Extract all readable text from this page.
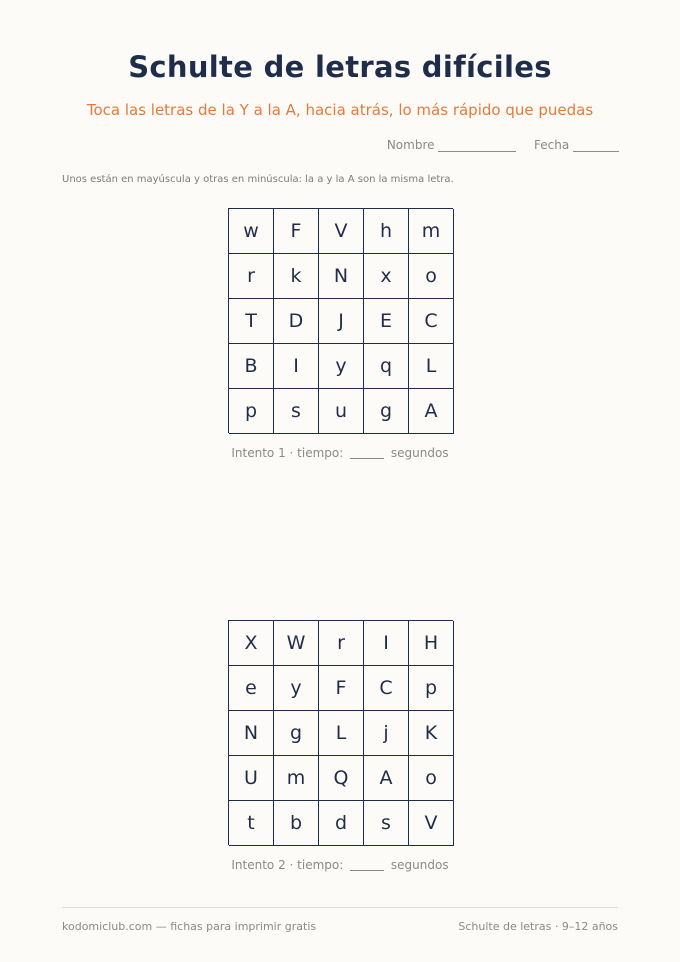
Schulte de letras difíciles
Toca las letras de la Y a la A, hacia atrás, lo más rápido que puedas
Nombre	Fecha
Unos están en mayúscula y otras en minúscula: la a y la A son la misma letra.
w	F	V	h	m
r	k	N	x	o
T	D	J	E	C
B	I	y	q	L
p	s	u	g	A
Intento 1 · tiempo:	segundos
X	W	r	I	H
e	y	F	C	p
N	g	L	j	K
U	m	Q	A	o
t	b	d	s	V
Intento 2 · tiempo:	segundos
kodomiclub.com — fichas para imprimir gratis	Schulte de letras · 9–12 años
